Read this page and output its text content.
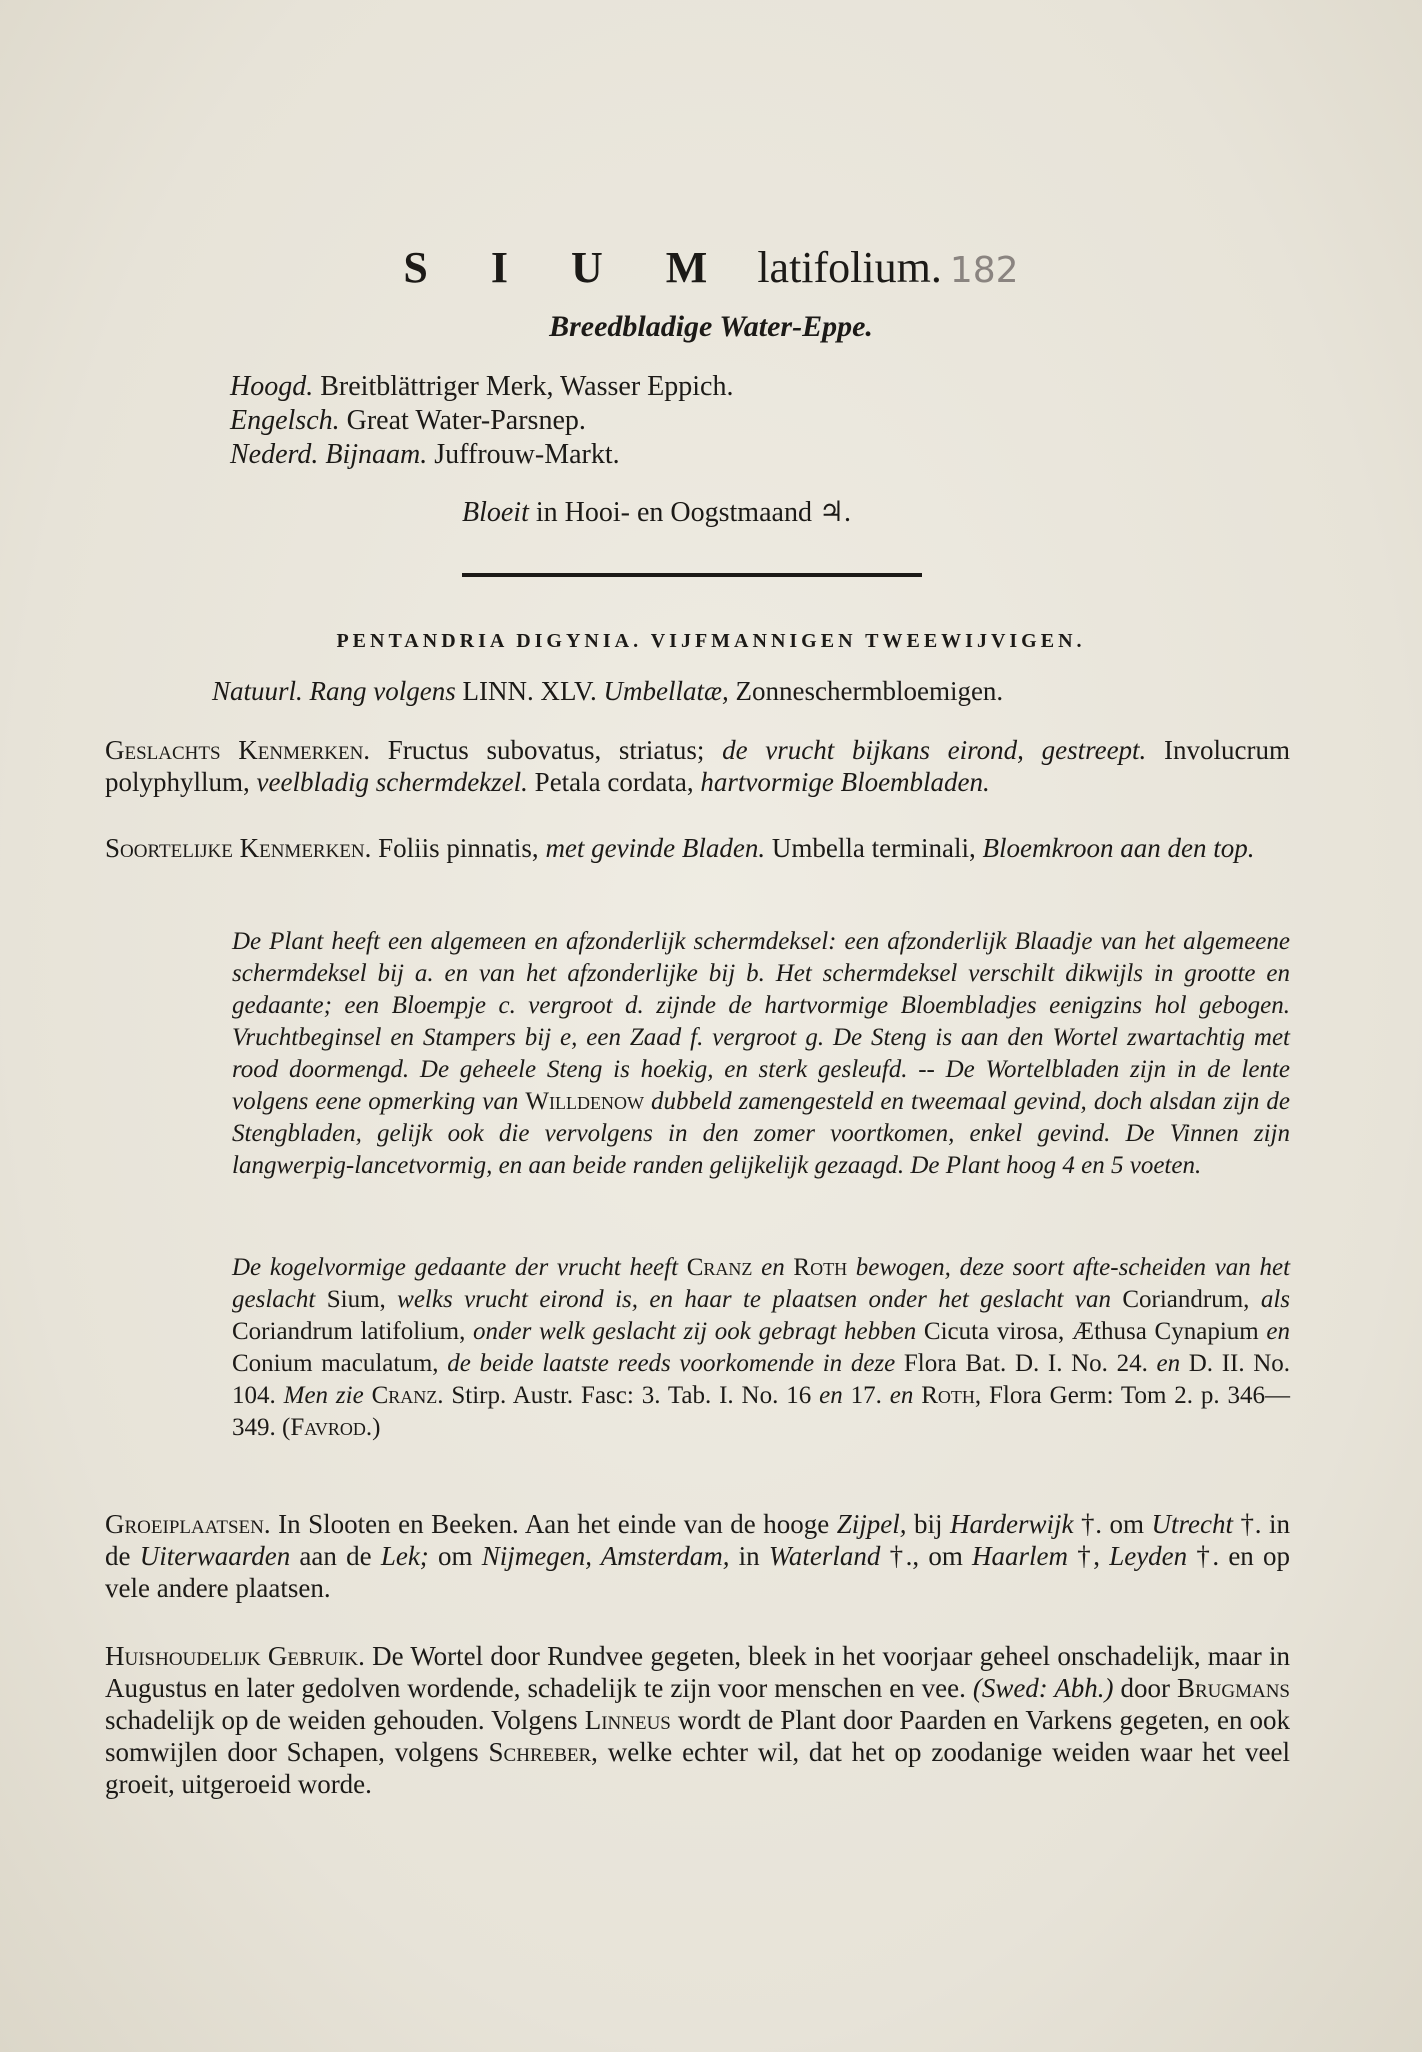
S I U M latifolium. 182
Breedbladige Water-Eppe.
Hoogd. Breitblättriger Merk, Wasser Eppich.
Engelsch. Great Water-Parsnep.
Nederd. Bijnaam. Juffrouw-Markt.
Bloeit in Hooi- en Oogstmaand ♃.
PENTANDRIA DIGYNIA. VIJFMANNIGEN TWEEWIJVIGEN.
Natuurl. Rang volgens LINN. XLV. Umbellatæ, Zonneschermbloemigen.
Geslachts Kenmerken. Fructus subovatus, striatus; de vrucht bijkans eirond, gestreept. Involucrum polyphyllum, veelbladig schermdekzel. Petala cordata, hartvormige Bloembladen.
Soortelijke Kenmerken. Foliis pinnatis, met gevinde Bladen. Umbella terminali, Bloemkroon aan den top.
De Plant heeft een algemeen en afzonderlijk schermdeksel: een afzonderlijk Blaadje van het algemeene schermdeksel bij a. en van het afzonderlijke bij b. Het schermdeksel verschilt dikwijls in grootte en gedaante; een Bloempje c. vergroot d. zijnde de hartvormige Bloembladjes eenigzins hol gebogen. Vruchtbeginsel en Stampers bij e, een Zaad f. vergroot g. De Steng is aan den Wortel zwartachtig met rood doormengd. De geheele Steng is hoekig, en sterk gesleufd. -- De Wortelbladen zijn in de lente volgens eene opmerking van Willdenow dubbeld zamengesteld en tweemaal gevind, doch alsdan zijn de Stengbladen, gelijk ook die vervolgens in den zomer voortkomen, enkel gevind. De Vinnen zijn langwerpig-lancetvormig, en aan beide randen gelijkelijk gezaagd. De Plant hoog 4 en 5 voeten.
De kogelvormige gedaante der vrucht heeft Cranz en Roth bewogen, deze soort afte-scheiden van het geslacht Sium, welks vrucht eirond is, en haar te plaatsen onder het geslacht van Coriandrum, als Coriandrum latifolium, onder welk geslacht zij ook gebragt hebben Cicuta virosa, Æthusa Cynapium en Conium maculatum, de beide laatste reeds voorkomende in deze Flora Bat. D. I. No. 24. en D. II. No. 104. Men zie Cranz. Stirp. Austr. Fasc: 3. Tab. I. No. 16 en 17. en Roth, Flora Germ: Tom 2. p. 346—349. (Favrod.)
Groeiplaatsen. In Slooten en Beeken. Aan het einde van de hooge Zijpel, bij Harderwijk †. om Utrecht †. in de Uiterwaarden aan de Lek; om Nijmegen, Amsterdam, in Waterland †., om Haarlem †, Leyden †. en op vele andere plaatsen.
Huishoudelijk Gebruik. De Wortel door Rundvee gegeten, bleek in het voorjaar geheel onschadelijk, maar in Augustus en later gedolven wordende, schadelijk te zijn voor menschen en vee. (Swed: Abh.) door Brugmans schadelijk op de weiden gehouden. Volgens Linneus wordt de Plant door Paarden en Varkens gegeten, en ook somwijlen door Schapen, volgens Schreber, welke echter wil, dat het op zoodanige weiden waar het veel groeit, uitgeroeid worde.
